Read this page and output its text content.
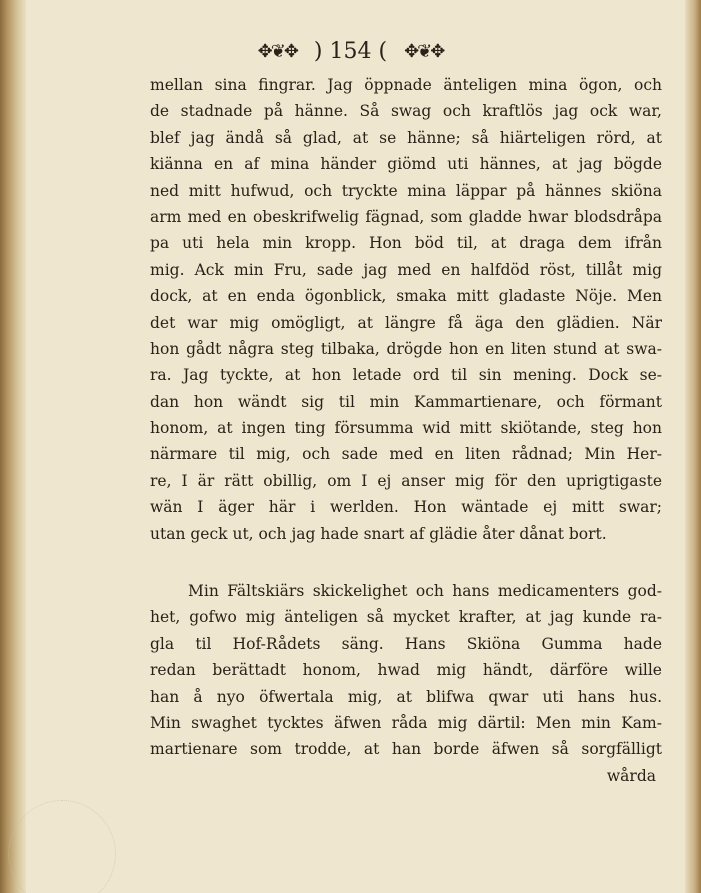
✥❦✥ ) 154 ( ✥❦✥
mellan sina fingrar. Jag öppnade änteligen mina ögon, och
de stadnade på hänne. Så swag och kraftlös jag ock war,
blef jag ändå så glad, at se hänne; så hiärteligen rörd, at
kiänna en af mina händer giömd uti hännes, at jag bögde
ned mitt hufwud, och tryckte mina läppar på hännes skiöna
arm med en obeskrifwelig fägnad, som gladde hwar blodsdråpa
pa uti hela min kropp. Hon böd til, at draga dem ifrån
mig. Ack min Fru, sade jag med en halfdöd röst, tillåt mig
dock, at en enda ögonblick, smaka mitt gladaste Nöje. Men
det war mig omögligt, at längre få äga den glädien. När
hon gådt några steg tilbaka, drögde hon en liten stund at swa-
ra. Jag tyckte, at hon letade ord til sin mening. Dock se-
dan hon wändt sig til min Kammartienare, och förmant
honom, at ingen ting försumma wid mitt skiötande, steg hon
närmare til mig, och sade med en liten rådnad; Min Her-
re, I är rätt obillig, om I ej anser mig för den uprigtigaste
wän I äger här i werlden. Hon wäntade ej mitt swar;
utan geck ut, och jag hade snart af glädie åter dånat bort.
Min Fältskiärs skickelighet och hans medicamenters god-
het, gofwo mig änteligen så mycket krafter, at jag kunde ra-
gla til Hof-Rådets säng. Hans Skiöna Gumma hade
redan berättadt honom, hwad mig händt, därföre wille
han å nyo öfwertala mig, at blifwa qwar uti hans hus.
Min swaghet tycktes äfwen råda mig därtil: Men min Kam-
martienare som trodde, at han borde äfwen så sorgfälligt
wårda
